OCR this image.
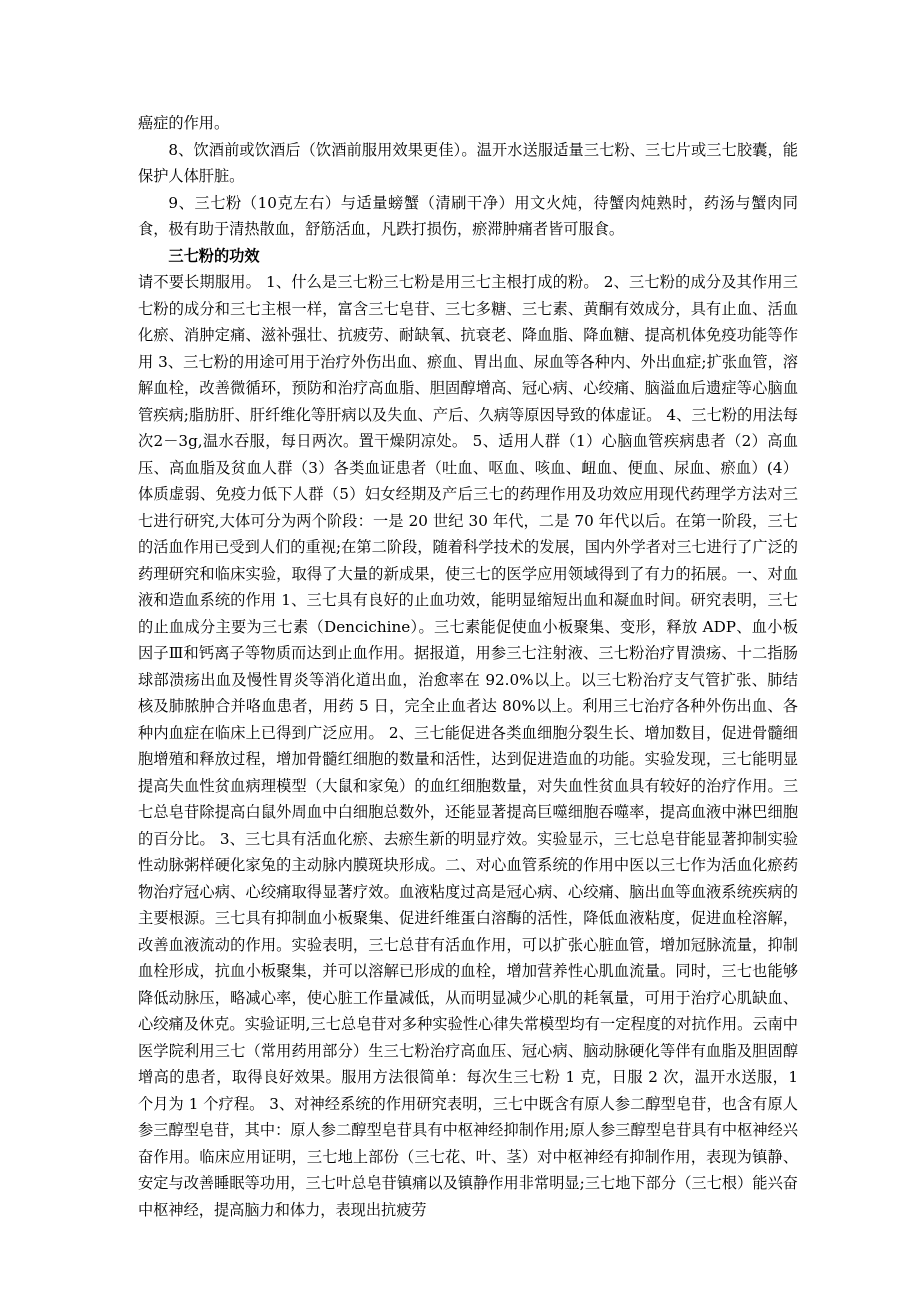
癌症的作用。

8、饮酒前或饮酒后（饮酒前服用效果更佳）。温开水送服适量三七粉、三七片或三七胶囊，能保护人体肝脏。

9、三七粉（10克左右）与适量螃蟹（清刷干净）用文火炖，待蟹肉炖熟时，药汤与蟹肉同食，极有助于清热散血，舒筋活血，凡跌打损伤，瘀滞肿痛者皆可服食。

三七粉的功效

请不要长期服用。 1、什么是三七粉三七粉是用三七主根打成的粉。 2、三七粉的成分及其作用三七粉的成分和三七主根一样，富含三七皂苷、三七多糖、三七素、黄酮有效成分，具有止血、活血化瘀、消肿定痛、滋补强壮、抗疲劳、耐缺氧、抗衰老、降血脂、降血糖、提高机体免疫功能等作用 3、三七粉的用途可用于治疗外伤出血、瘀血、胃出血、尿血等各种内、外出血症;扩张血管，溶解血栓，改善微循环，预防和治疗高血脂、胆固醇增高、冠心病、心绞痛、脑溢血后遗症等心脑血管疾病;脂肪肝、肝纤维化等肝病以及失血、产后、久病等原因导致的体虚证。 4、三七粉的用法每次2－3g,温水吞服，每日两次。置干燥阴凉处。 5、适用人群（1）心脑血管疾病患者（2）高血压、高血脂及贫血人群（3）各类血证患者（吐血、呕血、咳血、衄血、便血、尿血、瘀血）(4）体质虚弱、免疫力低下人群（5）妇女经期及产后三七的药理作用及功效应用现代药理学方法对三七进行研究,大体可分为两个阶段：一是 20 世纪 30 年代，二是 70 年代以后。在第一阶段，三七的活血作用已受到人们的重视;在第二阶段，随着科学技术的发展，国内外学者对三七进行了广泛的药理研究和临床实验，取得了大量的新成果，使三七的医学应用领域得到了有力的拓展。一、对血液和造血系统的作用 1、三七具有良好的止血功效，能明显缩短出血和凝血时间。研究表明，三七的止血成分主要为三七素（Dencichine）。三七素能促使血小板聚集、变形，释放 ADP、血小板因子Ⅲ和钙离子等物质而达到止血作用。据报道，用参三七注射液、三七粉治疗胃溃疡、十二指肠球部溃疡出血及慢性胃炎等消化道出血，治愈率在 92.0%以上。以三七粉治疗支气管扩张、肺结核及肺脓肿合并咯血患者，用药 5 日，完全止血者达 80%以上。利用三七治疗各种外伤出血、各种内血症在临床上已得到广泛应用。 2、三七能促进各类血细胞分裂生长、增加数目，促进骨髓细胞增殖和释放过程，增加骨髓红细胞的数量和活性，达到促进造血的功能。实验发现，三七能明显提高失血性贫血病理模型（大鼠和家兔）的血红细胞数量，对失血性贫血具有较好的治疗作用。三七总皂苷除提高白鼠外周血中白细胞总数外，还能显著提高巨噬细胞吞噬率，提高血液中淋巴细胞的百分比。 3、三七具有活血化瘀、去瘀生新的明显疗效。实验显示，三七总皂苷能显著抑制实验性动脉粥样硬化家兔的主动脉内膜斑块形成。二、对心血管系统的作用中医以三七作为活血化瘀药物治疗冠心病、心绞痛取得显著疗效。血液粘度过高是冠心病、心绞痛、脑出血等血液系统疾病的主要根源。三七具有抑制血小板聚集、促进纤维蛋白溶酶的活性，降低血液粘度，促进血栓溶解，改善血液流动的作用。实验表明，三七总苷有活血作用，可以扩张心脏血管，增加冠脉流量，抑制血栓形成，抗血小板聚集，并可以溶解已形成的血栓，增加营养性心肌血流量。同时，三七也能够降低动脉压，略减心率，使心脏工作量减低，从而明显减少心肌的耗氧量，可用于治疗心肌缺血、心绞痛及休克。实验证明,三七总皂苷对多种实验性心律失常模型均有一定程度的对抗作用。云南中医学院利用三七（常用药用部分）生三七粉治疗高血压、冠心病、脑动脉硬化等伴有血脂及胆固醇增高的患者，取得良好效果。服用方法很简单：每次生三七粉 1 克，日服 2 次，温开水送服，1 个月为 1 个疗程。 3、对神经系统的作用研究表明，三七中既含有原人参二醇型皂苷，也含有原人参三醇型皂苷，其中：原人参二醇型皂苷具有中枢神经抑制作用;原人参三醇型皂苷具有中枢神经兴奋作用。临床应用证明，三七地上部份（三七花、叶、茎）对中枢神经有抑制作用，表现为镇静、安定与改善睡眠等功用，三七叶总皂苷镇痛以及镇静作用非常明显;三七地下部分（三七根）能兴奋中枢神经，提高脑力和体力，表现出抗疲劳
